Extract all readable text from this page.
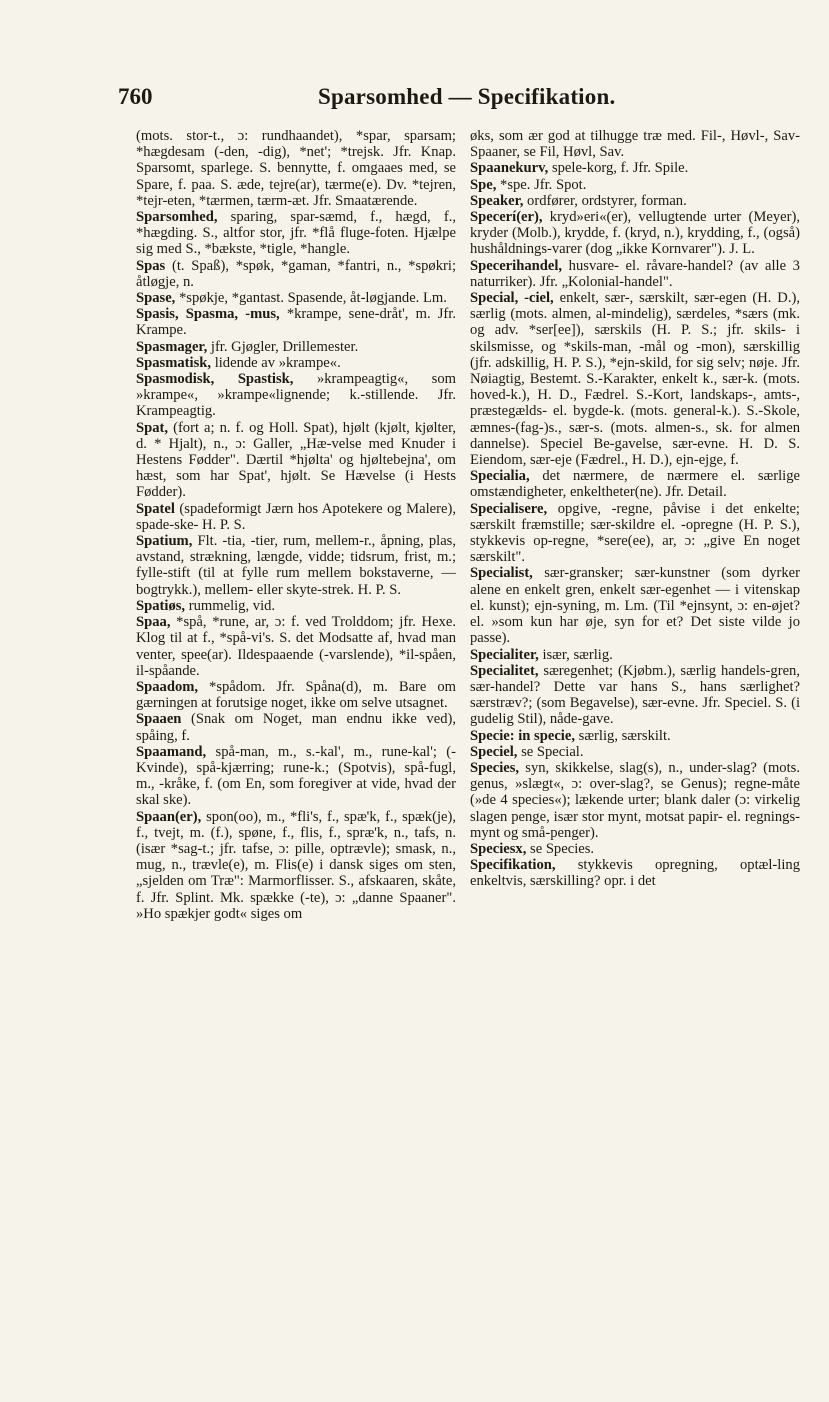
760	Sparsomhed — Specifikation.
(mots. stor-t., ɔ: rundhaandet), *spar, sparsam; *hægdesam (-den, -dig), *net'; *trejsk. Jfr. Knap. Sparsomt, sparlege. S. bennytte, f. omgaaes med, se Spare, f. paa. S. æde, tejre(ar), tærme(e). Dv. *tejren, *tejr-eten, *tærmen, tærm-æt. Jfr. Smaatærende.
Sparsomhed, sparing, spar-sæmd, f., hægd, f., *hægding. S., altfor stor, jfr. *flå fluge-foten. Hjælpe sig med S., *bækste, *tigle, *hangle.
Spas (t. Spaß), *spøk, *gaman, *fantri, n., *spøkri; åtløgje, n.
Spase, *spøkje, *gantast. Spasende, åt-løgjande. Lm.
Spasis, Spasma, -mus, *krampe, sene-dråt', m. Jfr. Krampe.
Spasmager, jfr. Gjøgler, Drillemester.
Spasmatisk, lidende av »krampe«.
Spasmodisk, Spastisk, »krampeagtig«, som »krampe«, »krampe«lignende; k.-stillende. Jfr. Krampeagtig.
Spat, (fort a; n. f. og Holl. Spat), hjølt (kjølt, kjølter, d. * Hjalt), n., ɔ: Galler, „Hæ-velse med Knuder i Hestens Fødder". Dærtil *hjølta' og hjøltebejna', om hæst, som har Spat', hjølt. Se Hævelse (i Hests Fødder).
Spatel (spadeformigt Jærn hos Apotekere og Malere), spade-ske- H. P. S.
Spatium, Flt. -tia, -tier, rum, mellem-r., åpning, plas, avstand, strækning, længde, vidde; tidsrum, frist, m.; fylle-stift (til at fylle rum mellem bokstaverne, — bogtrykk.), mellem- eller skyte-strek. H. P. S.
Spatiøs, rummelig, vid.
Spaa, *spå, *rune, ar, ɔ: f. ved Trolddom; jfr. Hexe. Klog til at f., *spå-vi's. S. det Modsatte af, hvad man venter, spee(ar). Ildespaaende (-varslende), *il-spåen, il-spåande.
Spaadom, *spådom. Jfr. Spåna(d), m. Bare om gærningen at forutsige noget, ikke om selve utsagnet.
Spaaen (Snak om Noget, man endnu ikke ved), spåing, f.
Spaamand, spå-man, m., s.-kal', m., rune-kal'; (-Kvinde), spå-kjærring; rune-k.; (Spotvis), spå-fugl, m., -kråke, f. (om En, som foregiver at vide, hvad der skal ske).
Spaan(er), spon(oo), m., *fli's, f., spæ'k, f., spæk(je), f., tvejt, m. (f.), spøne, f., flis, f., spræ'k, n., tafs, n. (især *sag-t.; jfr. tafse, ɔ: pille, optrævle); smask, n., mug, n., trævle(e), m. Flis(e) i dansk siges om sten, „sjelden om Træ": Marmorflisser. S., afskaaren, skåte, f. Jfr. Splint. Mk. spække (-te), ɔ: „danne Spaaner". »Ho spækjer godt« siges om
øks, som ær god at tilhugge træ med. Fil-, Høvl-, Sav-Spaaner, se Fil, Høvl, Sav.
Spaanekurv, spele-korg, f. Jfr. Spile.
Spe, *spe. Jfr. Spot.
Speaker, ordfører, ordstyrer, forman.
Specerí(er), kryd»eri«(er), vellugtende urter (Meyer), kryder (Molb.), krydde, f. (kryd, n.), krydding, f., (også) hushåldnings-varer (dog „ikke Kornvarer"). J. L.
Specerihandel, husvare- el. råvare-handel? (av alle 3 naturriker). Jfr. „Kolonial-handel".
Special, -ciel, enkelt, sær-, særskilt, sær-egen (H. D.), særlig (mots. almen, al-mindelig), særdeles, *særs (mk. og adv. *ser[ee]), særskils (H. P. S.; jfr. skils- i skilsmisse, og *skils-man, -mål og -mon), særskillig (jfr. adskillig, H. P. S.), *ejn-skild, for sig selv; nøje. Jfr. Nøiagtig, Bestemt. S.-Karakter, enkelt k., sær-k. (mots. hoved-k.), H. D., Fædrel. S.-Kort, landskaps-, amts-, præstegælds- el. bygde-k. (mots. general-k.). S.-Skole, æmnes-(fag-)s., sær-s. (mots. almen-s., sk. for almen dannelse). Speciel Be-gavelse, sær-evne. H. D. S. Eiendom, sær-eje (Fædrel., H. D.), ejn-ejge, f.
Specialia, det nærmere, de nærmere el. særlige omstændigheter, enkeltheter(ne). Jfr. Detail.
Specialisere, opgive, -regne, påvise i det enkelte; særskilt fræmstille; sær-skildre el. -opregne (H. P. S.), stykkevis op-regne, *sere(ee), ar, ɔ: „give En noget særskilt".
Specialist, sær-gransker; sær-kunstner (som dyrker alene en enkelt gren, enkelt sær-egenhet — i vitenskap el. kunst); ejn-syning, m. Lm. (Til *ejnsynt, ɔ: en-øjet? el. »som kun har øje, syn for et? Det siste vilde jo passe).
Specialiter, især, særlig.
Specialitet, særegenhet; (Kjøbm.), særlig handels-gren, sær-handel? Dette var hans S., hans særlighet? særstræv?; (som Begavelse), sær-evne. Jfr. Speciel. S. (i gudelig Stil), nåde-gave.
Specie: in specie, særlig, særskilt.
Speciel, se Special.
Species, syn, skikkelse, slag(s), n., under-slag? (mots. genus, »slægt«, ɔ: over-slag?, se Genus); regne-måte (»de 4 species«); lækende urter; blank daler (ɔ: virkelig slagen penge, især stor mynt, motsat papir- el. regnings-mynt og små-penger).
Speciesx, se Species.
Specifikation, stykkevis opregning, optæl-ling enkeltvis, særskilling? opr. i det
